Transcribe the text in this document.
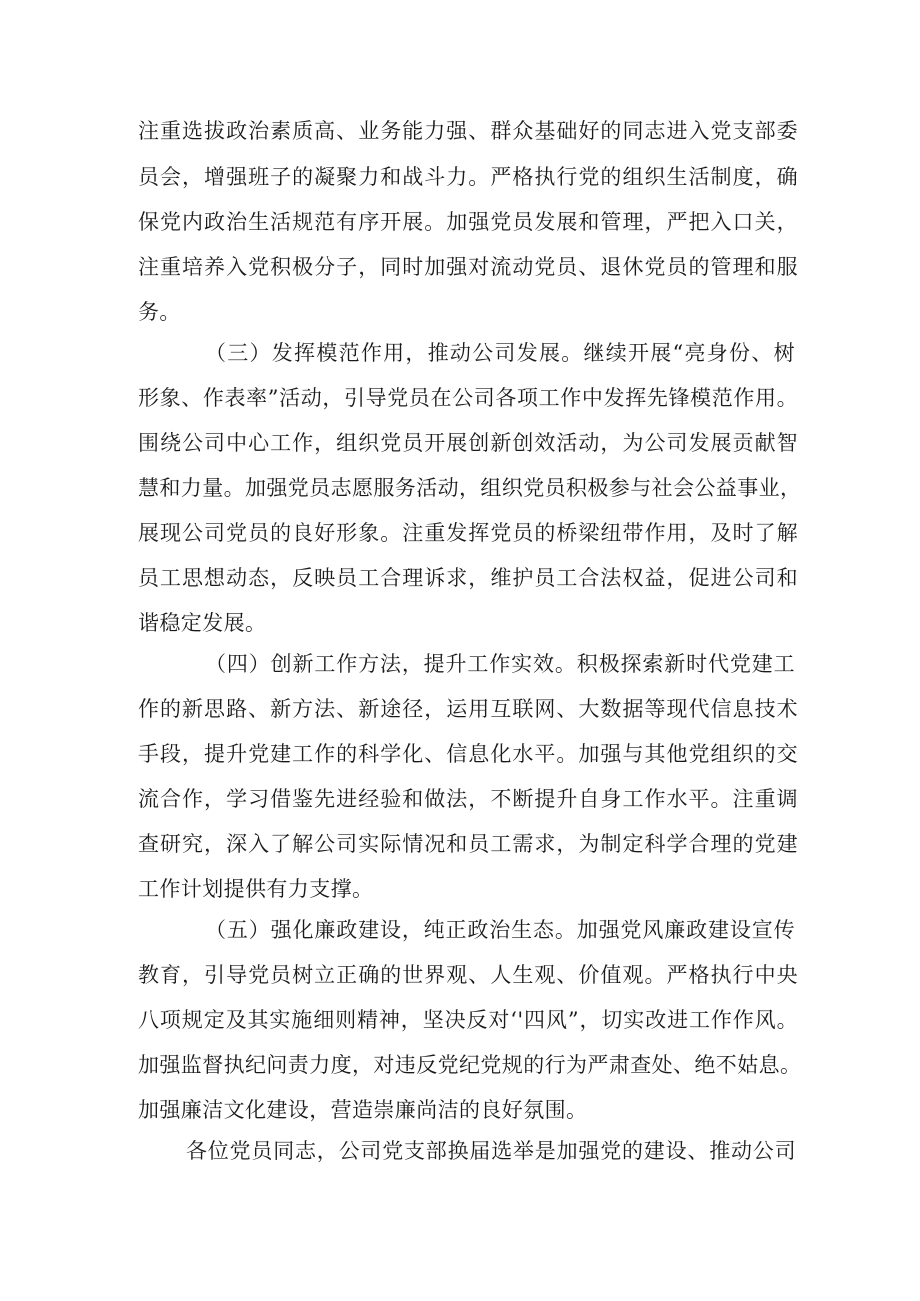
注重选拔政治素质高、业务能力强、群众基础好的同志进入党支部委
员会，增强班子的凝聚力和战斗力。严格执行党的组织生活制度，确
保党内政治生活规范有序开展。加强党员发展和管理，严把入口关，
注重培养入党积极分子，同时加强对流动党员、退休党员的管理和服
务。
（三）发挥模范作用，推动公司发展。继续开展“亮身份、树
形象、作表率”活动，引导党员在公司各项工作中发挥先锋模范作用。
围绕公司中心工作，组织党员开展创新创效活动，为公司发展贡献智
慧和力量。加强党员志愿服务活动，组织党员积极参与社会公益事业，
展现公司党员的良好形象。注重发挥党员的桥梁纽带作用，及时了解
员工思想动态，反映员工合理诉求，维护员工合法权益，促进公司和
谐稳定发展。
（四）创新工作方法，提升工作实效。积极探索新时代党建工
作的新思路、新方法、新途径，运用互联网、大数据等现代信息技术
手段，提升党建工作的科学化、信息化水平。加强与其他党组织的交
流合作，学习借鉴先进经验和做法，不断提升自身工作水平。注重调
查研究，深入了解公司实际情况和员工需求，为制定科学合理的党建
工作计划提供有力支撑。
（五）强化廉政建设，纯正政治生态。加强党风廉政建设宣传
教育，引导党员树立正确的世界观、人生观、价值观。严格执行中央
八项规定及其实施细则精神，坚决反对‘'四风”，切实改进工作作风。
加强监督执纪问责力度，对违反党纪党规的行为严肃查处、绝不姑息。
加强廉洁文化建设，营造崇廉尚洁的良好氛围。
各位党员同志，公司党支部换届选举是加强党的建设、推动公司
